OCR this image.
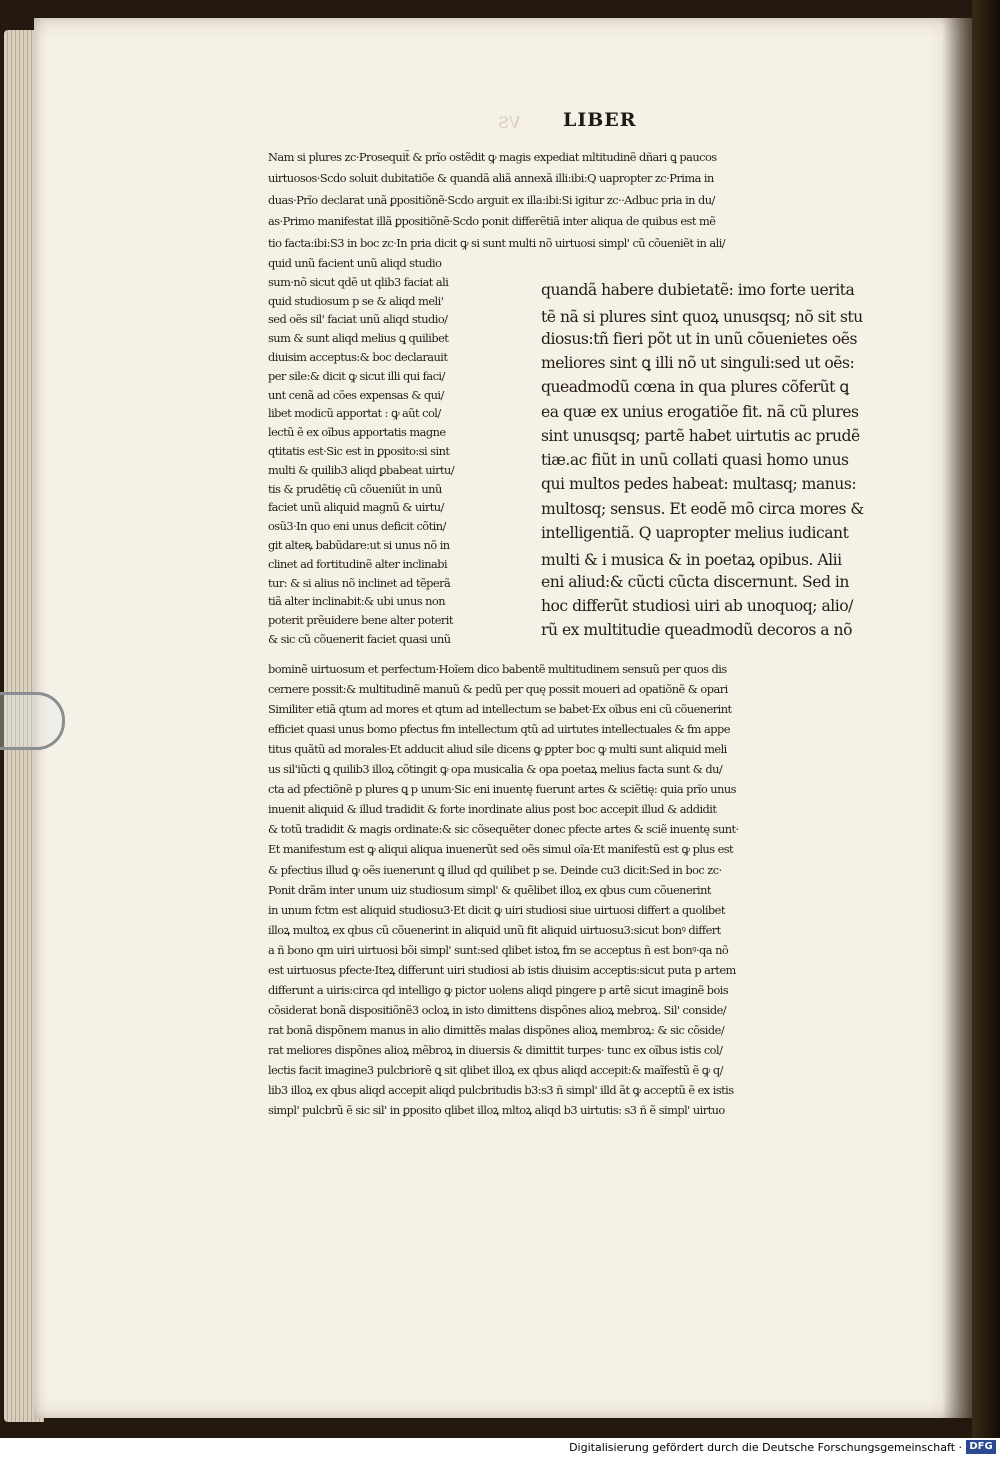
VS LIBER
Nam si plures zc·Prosequit̃ & prĩo ostẽdit ꝙ magis expediat mltitudinẽ dñari ꝗ paucos
uirtuosos·Scdo soluit dubitatiõe & quandã aliã annexã illi:ibi:Q uapropter zc·Prima in
duas·Prĩo declarat unã ꝑpositiõnẽ·Scdo arguit ex illa:ibi:Si igitur zc··Adbuc pria in du/
as·Primo manifestat illã ꝑpositiõnẽ·Scdo ponit differẽtiã inter aliqua de quibus est mẽ
tio facta:ibi:S3 in boc zc·In pria dicit ꝙ si sunt multi nõ uirtuosi simpl' cũ cõueniẽt in ali/
quid unũ facient unũ aliqd studio
sum·nõ sicut qdẽ ut qlib3 faciat ali
quid studiosum p se & aliqd meli'
sed oẽs sil' faciat unũ aliqd studio/
sum & sunt aliqd melius ꝗ quilibet
diuisim acceptus:& boc declarauit
per sile:& dicit ꝙ sicut illi qui faci/
unt cenã ad cões expensas & qui/
libet modicũ apportat : ꝙ aũt col/
lectũ ẽ ex oĩbus apportatis magne
qtitatis est·Sic est in ꝑposito:si sint
multi & quilib3 aliqd ꝑbabeat uirtu/
tis & prudẽtię cũ cõueniũt in unũ
faciet unũ aliquid magnũ & uirtu/
osũ3·In quo eni unus deficit cõtin/
git alteꝶ babũdare:ut si unus nõ in
clinet ad fortitudinẽ alter inclinabi
tur: & si alius nõ inclinet ad tẽperã
tiã alter inclinabit:& ubi unus non
poterit prẽuidere bene alter poterit
& sic cũ cõuenerit faciet quasi unũ
quandã habere dubietatẽ: imo forte uerita
tẽ nã si plures sint quoꝝ unusqsq; nõ sit stu
diosus:tñ fieri põt ut in unũ cõuenietes oẽs
meliores sint ꝗ illi nõ ut singuli:sed ut oẽs:
queadmodũ cœna in qua plures cõferũt ꝗ
ea quæ ex unius erogatiõe fit. nã cũ plures
sint unusqsq; partẽ habet uirtutis ac prudẽ
tiæ.ac fiũt in unũ collati quasi homo unus
qui multos pedes habeat: multasq; manus:
multosq; sensus. Et eodẽ mõ circa mores &
intelligentiã. Q uapropter melius iudicant
multi & i musica & in poetaꝝ opibus. Alii
eni aliud:& cũcti cũcta discernunt. Sed in
hoc differũt studiosi uiri ab unoquoq; alio/
rũ ex multitudie queadmodũ decoros a nõ
bominẽ uirtuosum et perfectum·Hoĩem dico babentẽ multitudinem sensuũ per quos dis
cernere possit:& multitudinẽ manuũ & pedũ per quę possit moueri ad opatiõnẽ & opari
Similiter etiã qtum ad mores et qtum ad intellectum se babet·Ex oĩbus eni cũ cõuenerint
efficiet quasi unus bomo pfectus fm intellectum qtũ ad uirtutes intellectuales & fm appe
titus quãtũ ad morales·Et adducit aliud sile dicens ꝙ ꝑpter boc ꝙ multi sunt aliquid meli
us sil'iũcti ꝗ quilib3 illoꝝ cõtingit ꝙ opa musicalia & opa poetaꝝ melius facta sunt & du/
cta ad pfectiõnẽ p plures ꝗ p unum·Sic eni inuentę fuerunt artes & sciẽtię: quia prĩo unus
inuenit aliquid & illud tradidit & forte inordinate alius post boc accepit illud & addidit
& totũ tradidit & magis ordinate:& sic cõsequẽter donec pfecte artes & sciẽ inuentę sunt·
Et manifestum est ꝙ aliqui aliqua inuenerũt sed oẽs simul oĩa·Et manifestũ est ꝙ plus est
& pfectius illud ꝙ oẽs iuenerunt ꝗ illud qd quilibet p se. Deinde cu3 dicit:Sed in boc zc·
Ponit drãm inter unum uiz studiosum simpl' & quẽlibet illoꝝ ex qbus cum cõuenerint
in unum fctm est aliquid studiosu3·Et dicit ꝙ uiri studiosi siue uirtuosi differt a quolibet
illoꝝ multoꝝ ex qbus cũ cõuenerint in aliquid unũ fit aliquid uirtuosu3:sicut bonꝰ differt
a ñ bono qm uiri uirtuosi bõi simpl' sunt:sed qlibet istoꝝ fm se acceptus ñ est bonꝰ·qa nõ
est uirtuosus pfecte·Iteꝝ differunt uiri studiosi ab istis diuisim acceptis:sicut puta p artem
differunt a uiris:circa qd intelligo ꝙ pictor uolens aliqd pingere p artẽ sicut imaginẽ bois
cõsiderat bonã dispositiõnẽ3 ocloꝝ in isto dimittens dispõnes alioꝝ mebroꝝ. Sil' conside/
rat bonã dispõnem manus in alio dimittẽs malas dispõnes alioꝝ membroꝝ: & sic cõside/
rat meliores dispõnes alioꝝ mẽbroꝝ in diuersis & dimittit turpes· tunc ex oĩbus istis col/
lectis facit imagine3 pulcbriorẽ ꝗ sit qlibet illoꝝ ex qbus aliqd accepit:& maĩfestũ ẽ ꝙ q/
lib3 illoꝝ ex qbus aliqd accepit aliqd pulcbritudis b3:s3 ñ simpl' illd ãt ꝙ acceptũ ẽ ex istis
simpl' pulcbrũ ẽ sic sil' in ꝑposito qlibet illoꝝ mltoꝝ aliqd b3 uirtutis: s3 ñ ẽ simpl' uirtuo
Digitalisierung gefördert durch die Deutsche Forschungsgemeinschaft · DFG
